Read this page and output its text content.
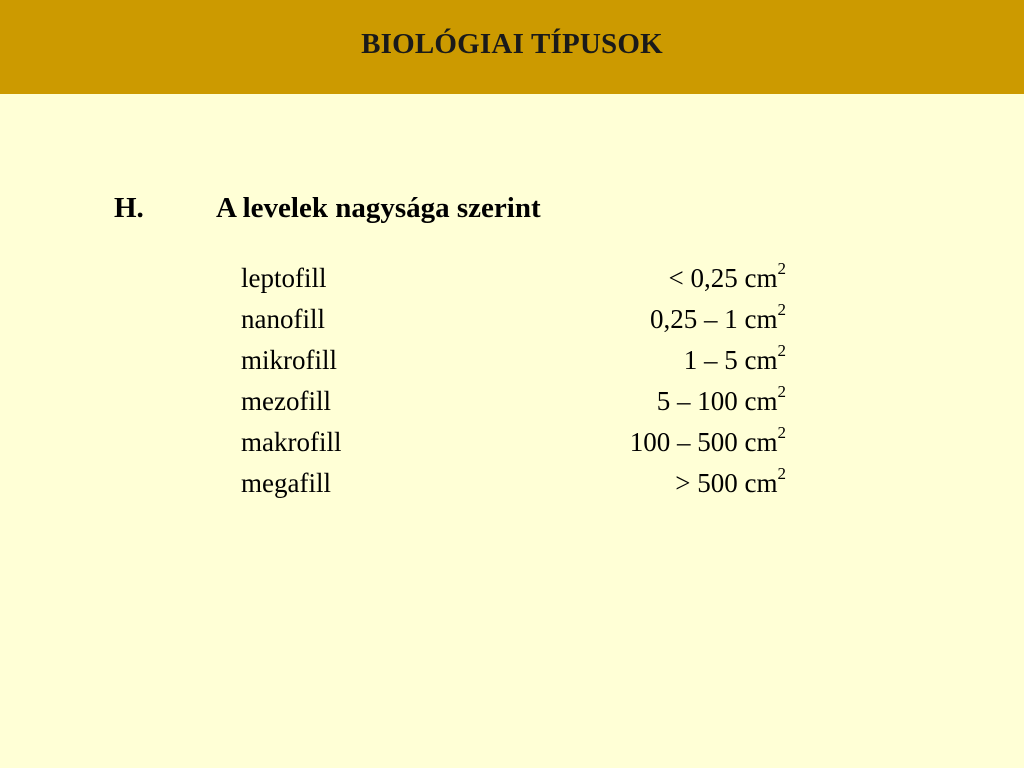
BIOLÓGIAI TÍPUSOK
H. A levelek nagysága szerint
leptofill	< 0,25 $cm^2$
nanofill	0,25 – 1 $cm^2$
mikrofill	1 – 5 $cm^2$
mezofill	5 – 100 $cm^2$
makrofill	100 – 500 $cm^2$
megafill	> 500 $cm^2$
